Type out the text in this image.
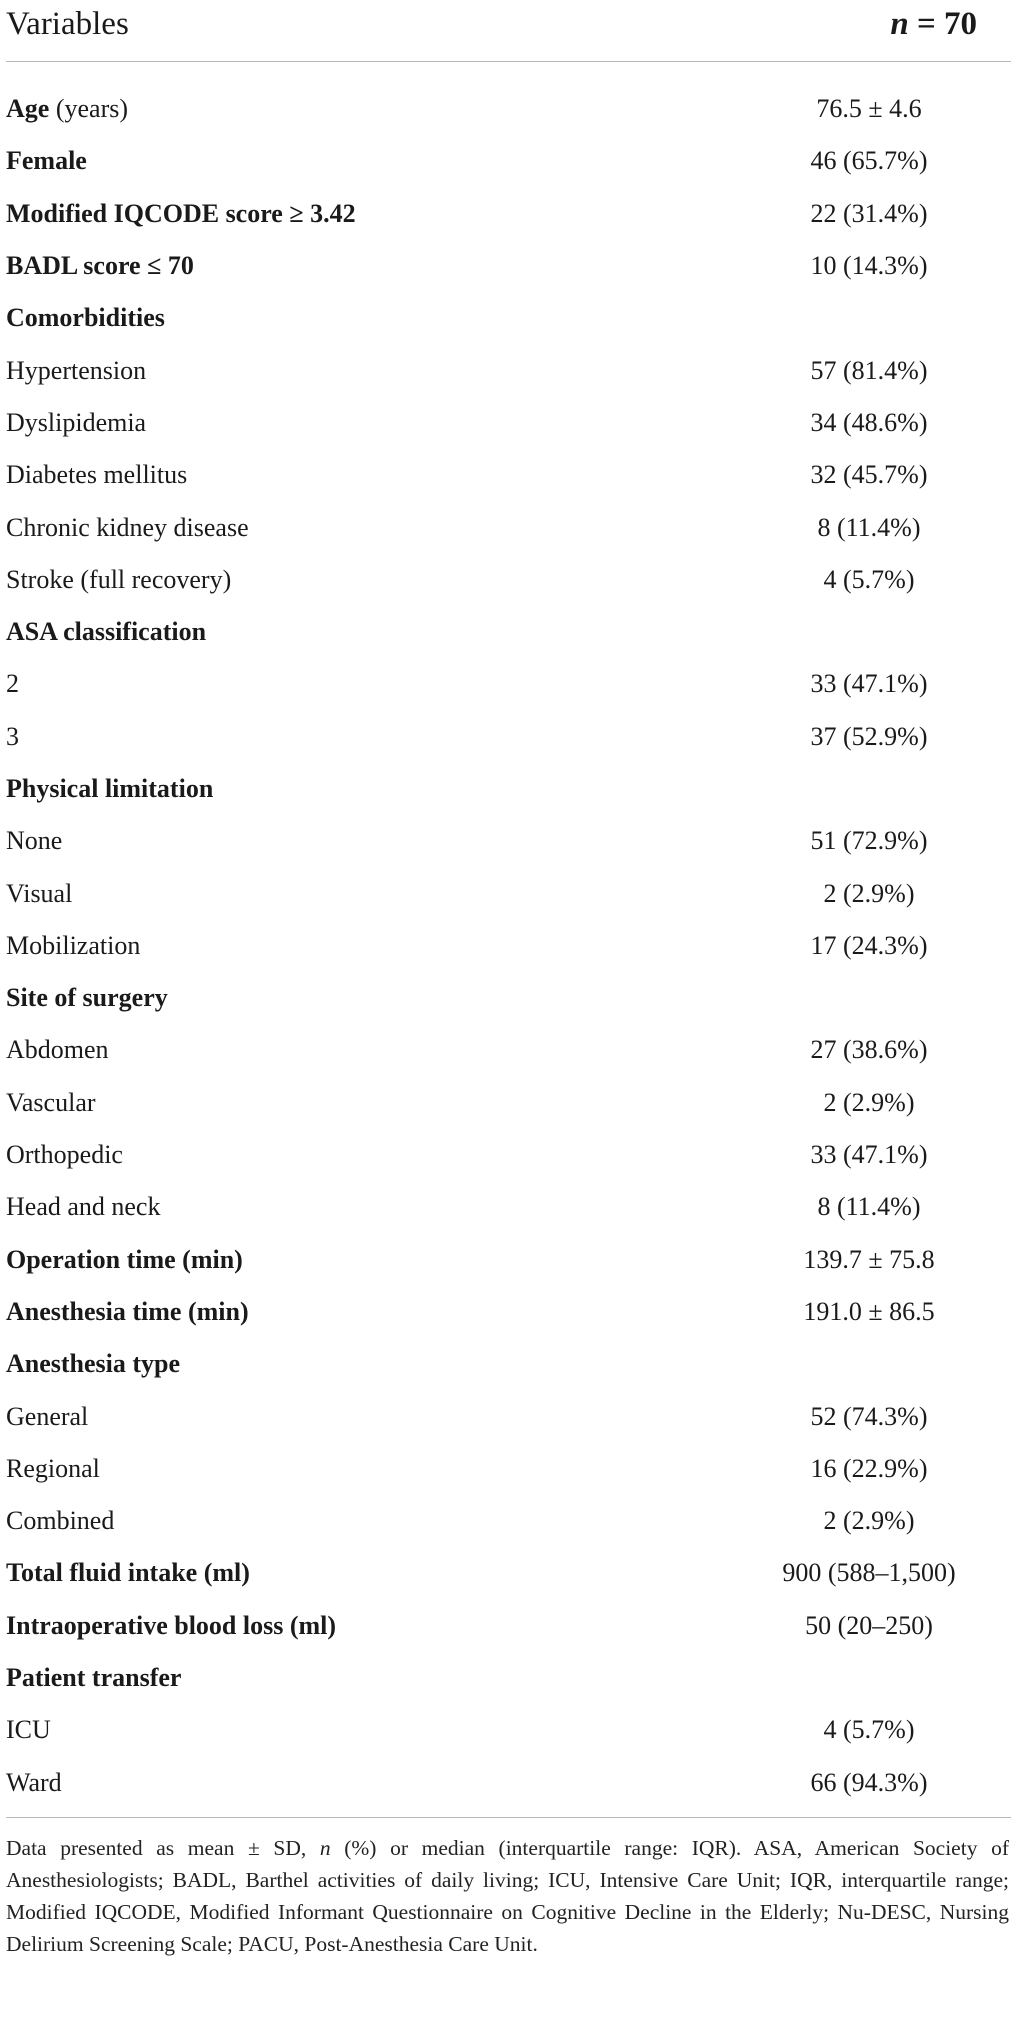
Variables	n = 70
Age (years)	76.5 ± 4.6
Female	46 (65.7%)
Modified IQCODE score ≥ 3.42	22 (31.4%)
BADL score ≤ 70	10 (14.3%)
Comorbidities
Hypertension	57 (81.4%)
Dyslipidemia	34 (48.6%)
Diabetes mellitus	32 (45.7%)
Chronic kidney disease	8 (11.4%)
Stroke (full recovery)	4 (5.7%)
ASA classification
2	33 (47.1%)
3	37 (52.9%)
Physical limitation
None	51 (72.9%)
Visual	2 (2.9%)
Mobilization	17 (24.3%)
Site of surgery
Abdomen	27 (38.6%)
Vascular	2 (2.9%)
Orthopedic	33 (47.1%)
Head and neck	8 (11.4%)
Operation time (min)	139.7 ± 75.8
Anesthesia time (min)	191.0 ± 86.5
Anesthesia type
General	52 (74.3%)
Regional	16 (22.9%)
Combined	2 (2.9%)
Total fluid intake (ml)	900 (588–1,500)
Intraoperative blood loss (ml)	50 (20–250)
Patient transfer
ICU	4 (5.7%)
Ward	66 (94.3%)
Data presented as mean ± SD, n (%) or median (interquartile range: IQR). ASA, American Society of Anesthesiologists; BADL, Barthel activities of daily living; ICU, Intensive Care Unit; IQR, interquartile range; Modified IQCODE, Modified Informant Questionnaire on Cognitive Decline in the Elderly; Nu-DESC, Nursing Delirium Screening Scale; PACU, Post-Anesthesia Care Unit.
